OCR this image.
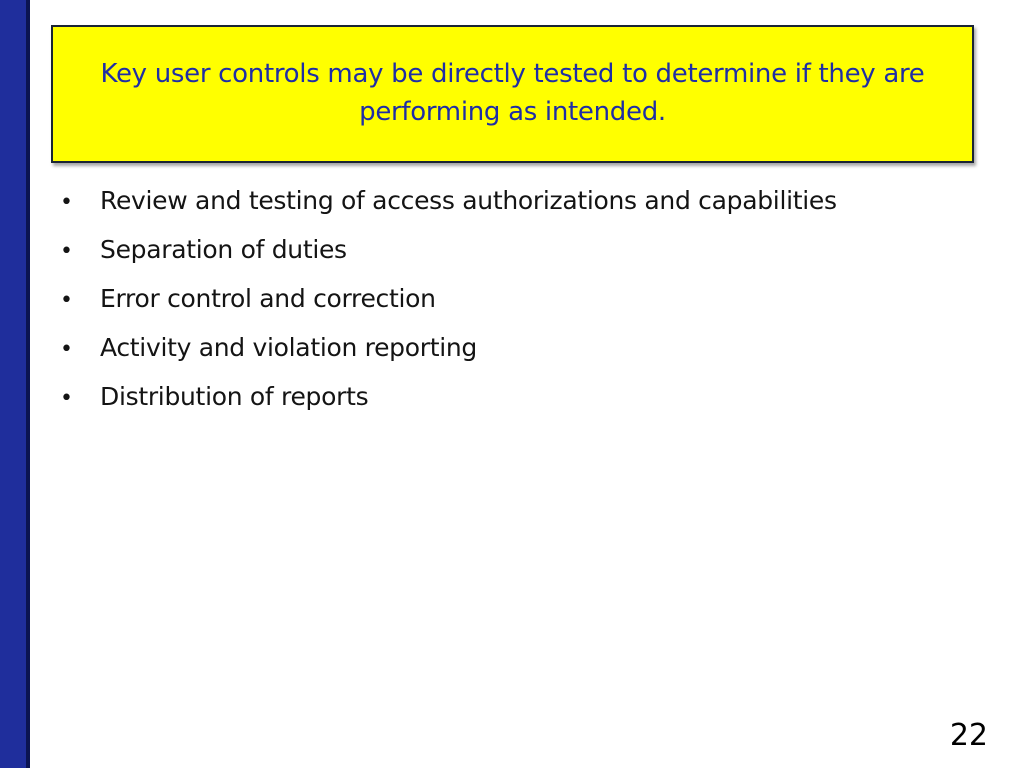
Key user controls may be directly tested to determine if they are performing as intended.
•	Review and testing of access authorizations and capabilities
•	Separation of duties
•	Error control and correction
•	Activity and violation reporting
•	Distribution of reports
22
